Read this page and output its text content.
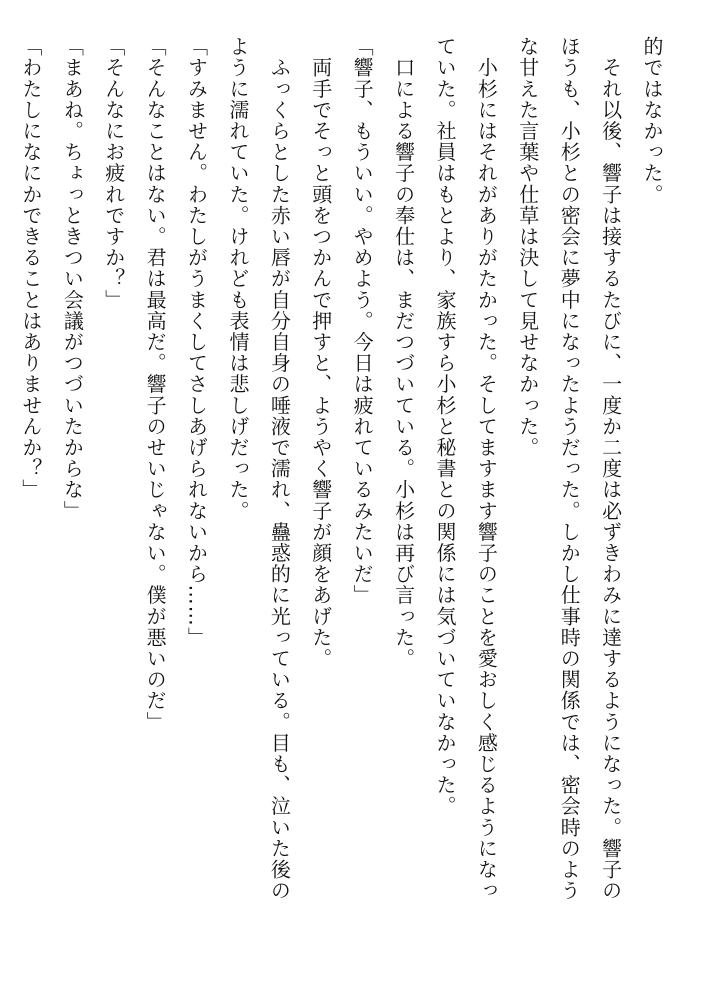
的ではなかった。
　それ以後、響子は接するたびに、一度か二度は必ずきわみに達するようになった。響子の
ほうも、小杉との密会に夢中になったようだった。しかし仕事時の関係では、密会時のよう
な甘えた言葉や仕草は決して見せなかった。
　小杉にはそれがありがたかった。そしてますます響子のことを愛おしく感じるようになっ
ていた。社員はもとより、家族すら小杉と秘書との関係には気づいていなかった。
　口による響子の奉仕は、まだつづいている。小杉は再び言った。
「響子、もういい。やめよう。今日は疲れているみたいだ」
　両手でそっと頭をつかんで押すと、ようやく響子が顔をあげた。
　ふっくらとした赤い唇が自分自身の唾液で濡れ、蠱惑的に光っている。目も、泣いた後の
ように濡れていた。けれども表情は悲しげだった。
「すみません。わたしがうまくしてさしあげられないから……」
「そんなことはない。君は最高だ。響子のせいじゃない。僕が悪いのだ」
「そんなにお疲れですか？」
「まあね。ちょっときつい会議がつづいたからな」
「わたしになにかできることはありませんか？」
